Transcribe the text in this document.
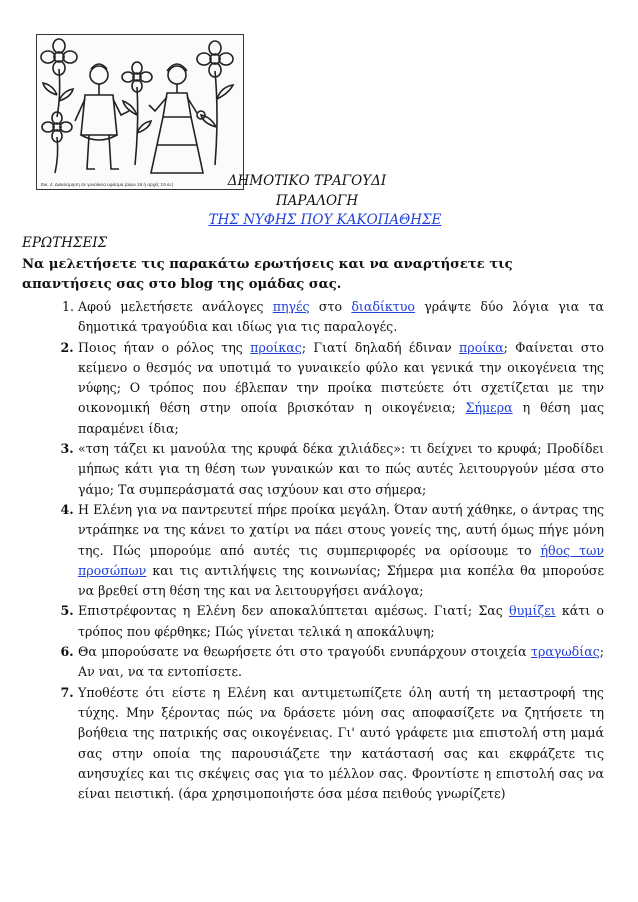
Εικ. 4. Διακόσμηση σε γυναίκειο υφάσμα (αιών 18 ή αρχές 19 αι.)	ΔΗΜΟΤΙΚΟ ΤΡΑΓΟΥΔΙ
ΠΑΡΑΛΟΓΗ
ΤΗΣ ΝΥΦΗΣ ΠΟΥ ΚΑΚΟΠΑΘΗΣΕ
ΕΡΩΤΗΣΕΙΣ
Να μελετήσετε τις παρακάτω ερωτήσεις και να αναρτήσετε τις απαντήσεις σας στο blog της ομάδας σας.
1. Αφού μελετήσετε ανάλογες πηγές στο διαδίκτυο γράψτε δύο λόγια για τα δημοτικά τραγούδια και ιδίως για τις παραλογές.
2. Ποιος ήταν ο ρόλος της προίκας; Γιατί δηλαδή έδιναν προίκα; Φαίνεται στο κείμενο ο θεσμός να υποτιμά το γυναικείο φύλο και γενικά την οικογένεια της νύφης; Ο τρόπος που έβλεπαν την προίκα πιστεύετε ότι σχετίζεται με την οικονομική θέση στην οποία βρισκόταν η οικογένεια; Σήμερα η θέση μας παραμένει ίδια;
3. «τση τάζει κι μανούλα της κρυφά δέκα χιλιάδες»: τι δείχνει το κρυφά; Προδίδει μήπως κάτι για τη θέση των γυναικών και το πώς αυτές λειτουργούν μέσα στο γάμο; Τα συμπεράσματά σας ισχύουν και στο σήμερα;
4. Η Ελένη για να παντρευτεί πήρε προίκα μεγάλη. Όταν αυτή χάθηκε, ο άντρας της ντράπηκε να της κάνει το χατίρι να πάει στους γονείς της, αυτή όμως πήγε μόνη της. Πώς μπορούμε από αυτές τις συμπεριφορές να ορίσουμε το ήθος των προσώπων και τις αντιλήψεις της κοινωνίας; Σήμερα μια κοπέλα θα μπορούσε να βρεθεί στη θέση της και να λειτουργήσει ανάλογα;
5. Επιστρέφοντας η Ελένη δεν αποκαλύπτεται αμέσως. Γιατί; Σας θυμίζει κάτι ο τρόπος που φέρθηκε; Πώς γίνεται τελικά η αποκάλυψη;
6. Θα μπορούσατε να θεωρήσετε ότι στο τραγούδι ενυπάρχουν στοιχεία τραγωδίας; Αν ναι, να τα εντοπίσετε.
7. Υποθέστε ότι είστε η Ελένη και αντιμετωπίζετε όλη αυτή τη μεταστροφή της τύχης. Μην ξέροντας πώς να δράσετε μόνη σας αποφασίζετε να ζητήσετε τη βοήθεια της πατρικής σας οικογένειας. Γι' αυτό γράφετε μια επιστολή στη μαμά σας στην οποία της παρουσιάζετε την κατάστασή σας και εκφράζετε τις ανησυχίες και τις σκέψεις σας για το μέλλον σας. Φροντίστε η επιστολή σας να είναι πειστική. (άρα χρησιμοποιήστε όσα μέσα πειθούς γνωρίζετε)
